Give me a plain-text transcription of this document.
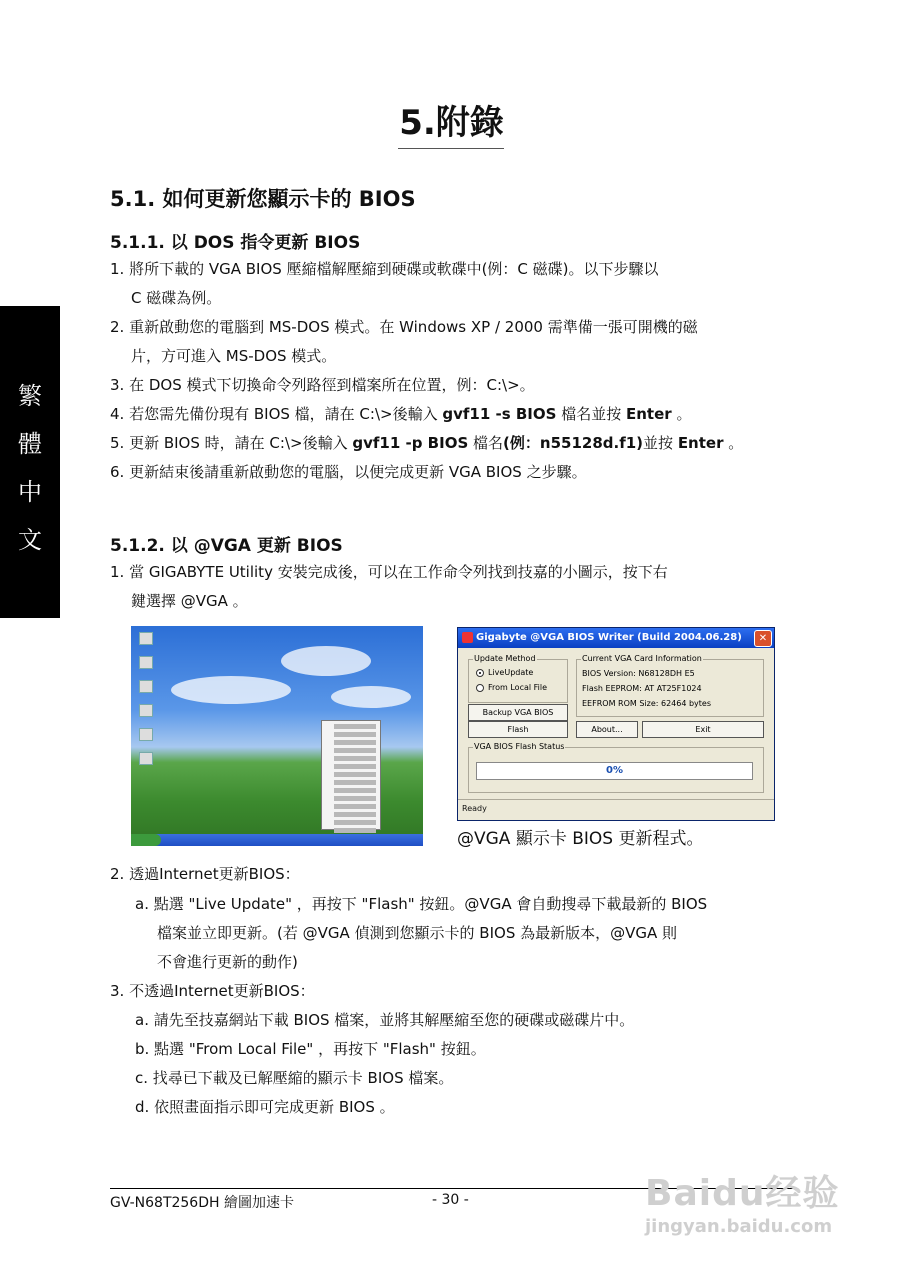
繁
體
中
文
5.附錄
5.1. 如何更新您顯示卡的 BIOS
5.1.1. 以 DOS 指令更新 BIOS
1. 將所下載的 VGA BIOS 壓縮檔解壓縮到硬碟或軟碟中(例：C 磁碟)。以下步驟以
C 磁碟為例。
2. 重新啟動您的電腦到 MS-DOS 模式。在 Windows XP / 2000 需準備一張可開機的磁
片，方可進入 MS-DOS 模式。
3. 在 DOS 模式下切換命令列路徑到檔案所在位置，例：C:\>。
4. 若您需先備份現有 BIOS 檔，請在 C:\>後輸入 gvf11 -s BIOS 檔名並按 Enter 。
5. 更新 BIOS 時，請在 C:\>後輸入 gvf11 -p BIOS 檔名(例：n55128d.f1)並按 Enter 。
6. 更新結束後請重新啟動您的電腦，以便完成更新 VGA BIOS 之步驟。
5.1.2. 以 @VGA 更新 BIOS
1. 當 GIGABYTE Utility 安裝完成後，可以在工作命令列找到技嘉的小圖示，按下右
鍵選擇 @VGA 。
Gigabyte @VGA BIOS Writer (Build 2004.06.28)	✕
Update Method
LiveUpdate
From Local File
Current VGA Card Information
BIOS Version: N68128DH E5
Flash EEPROM: AT AT25F1024
EEFROM ROM Size: 62464 bytes
Backup VGA BIOS
Flash	About...	Exit
VGA BIOS Flash Status
0%
Ready
@VGA 顯示卡 BIOS 更新程式。
2. 透過Internet更新BIOS：
a. 點選 "Live Update" ，再按下 "Flash" 按鈕。@VGA 會自動搜尋下載最新的 BIOS
檔案並立即更新。(若 @VGA 偵測到您顯示卡的 BIOS 為最新版本，@VGA 則
不會進行更新的動作)
3. 不透過Internet更新BIOS：
a. 請先至技嘉網站下載 BIOS 檔案，並將其解壓縮至您的硬碟或磁碟片中。
b. 點選 "From Local File" ，再按下 "Flash" 按鈕。
c. 找尋已下載及已解壓縮的顯示卡 BIOS 檔案。
d. 依照畫面指示即可完成更新 BIOS 。
GV-N68T256DH 繪圖加速卡	- 30 -	Baidu经验
jingyan.baidu.com
